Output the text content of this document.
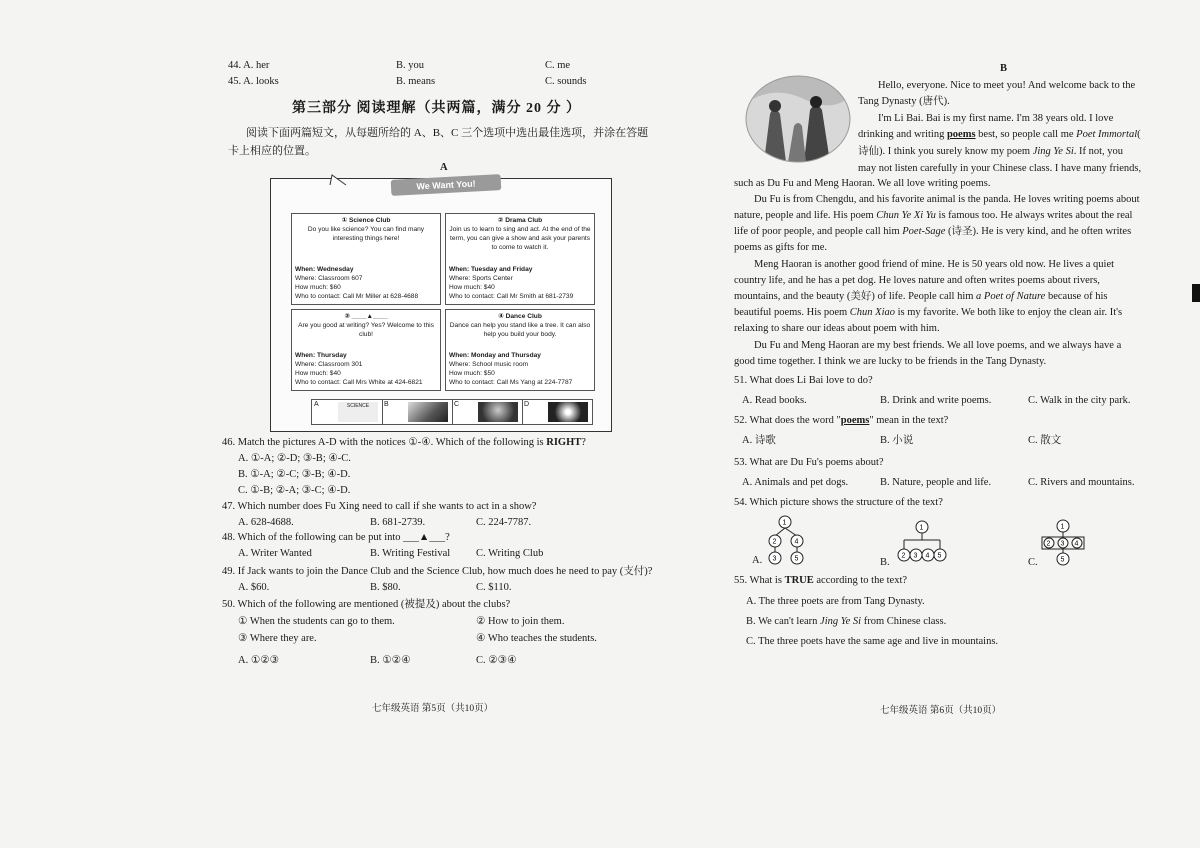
44. A. her	B. you	C. me
45. A. looks	B. means	C. sounds
第三部分 阅读理解（共两篇，满分 20 分 ）
阅读下面两篇短文，从每题所给的 A、B、C 三个选项中选出最佳选项，并涂在答题
卡上相应的位置。
A
We Want You!
① Science Club
Do you like science? You can find many interesting things here!
When: Wednesday
Where: Classroom 607
How much: $60
Who to contact: Call Mr Miller at 628-4688
② Drama Club
Join us to learn to sing and act. At the end of the term, you can give a show and ask your parents to come to watch it.
When: Tuesday and Friday
Where: Sports Center
How much: $40
Who to contact: Call Mr Smith at 681-2739
③ ____▲____
Are you good at writing? Yes? Welcome to this club!
When: Thursday
Where: Classroom 301
How much: $40
Who to contact: Call Mrs White at 424-6821
④ Dance Club
Dance can help you stand like a tree. It can also help you build your body.
When: Monday and Thursday
Where: School music room
How much: $50
Who to contact: Call Ms Yang at 224-7787
A	SCIENCE	B	C	D
46. Match the pictures A-D with the notices ①-④. Which of the following is RIGHT?
A. ①-A; ②-D; ③-B; ④-C.
B. ①-A; ②-C; ③-B; ④-D.
C. ①-B; ②-A; ③-C; ④-D.
47. Which number does Fu Xing need to call if she wants to act in a show?
A. 628-4688.	B. 681-2739.	C. 224-7787.
48. Which of the following can be put into ___▲___?
A. Writer Wanted	B. Writing Festival C. Writing Club
49. If Jack wants to join the Dance Club and the Science Club, how much does he need to pay (支付)?
A. $60.	B. $80.	C. $110.
50. Which of the following are mentioned (被提及) about the clubs?
① When the students can go to them.	② How to join them.
③ Where they are.	④ Who teaches the students.
A. ①②③	B. ①②④	C. ②③④
七年级英语 第5页（共10页）
B
Hello, everyone. Nice to meet you! And welcome back to the
Tang Dynasty (唐代).
I'm Li Bai. Bai is my first name. I'm 38 years old. I love
drinking and writing poems best, so people call me Poet Immortal(
诗仙). I think you surely know my poem Jing Ye Si. If not, you
may not listen carefully in your Chinese class. I have many friends,
such as Du Fu and Meng Haoran. We all love writing poems.
Du Fu is from Chengdu, and his favorite animal is the panda. He loves writing poems about
nature, people and life. His poem Chun Ye Xi Yu is famous too. He always writes about the real
life of poor people, and people call him Poet-Sage (诗圣). He is very kind, and he often writes
poems as gifts for me.
Meng Haoran is another good friend of mine. He is 50 years old now. He lives a quiet
country life, and he has a pet dog. He loves nature and often writes poems about rivers,
mountains, and the beauty (美好) of life. People call him a Poet of Nature because of his
beautiful poems. His poem Chun Xiao is my favorite. We both like to enjoy the clean air. It's
relaxing to share our ideas about poem with him.
Du Fu and Meng Haoran are my best friends. We all love poems, and we always have a
good time together. I think we are lucky to be friends in the Tang Dynasty.
51. What does Li Bai love to do?
A. Read books.	B. Drink and write poems.	C. Walk in the city park.
52. What does the word "poems" mean in the text?
A. 诗歌	B. 小说	C. 散文
53. What are Du Fu's poems about?
A. Animals and pet dogs.	B. Nature, people and life.	C. Rivers and mountains.
54. Which picture shows the structure of the text?
A.
1
2	4
3	5	B.
1
2 3 4 5
C.
1
2 3 4
5
55. What is TRUE according to the text?
A. The three poets are from Tang Dynasty.
B. We can't learn Jing Ye Si from Chinese class.
C. The three poets have the same age and live in mountains.
七年级英语 第6页（共10页）
